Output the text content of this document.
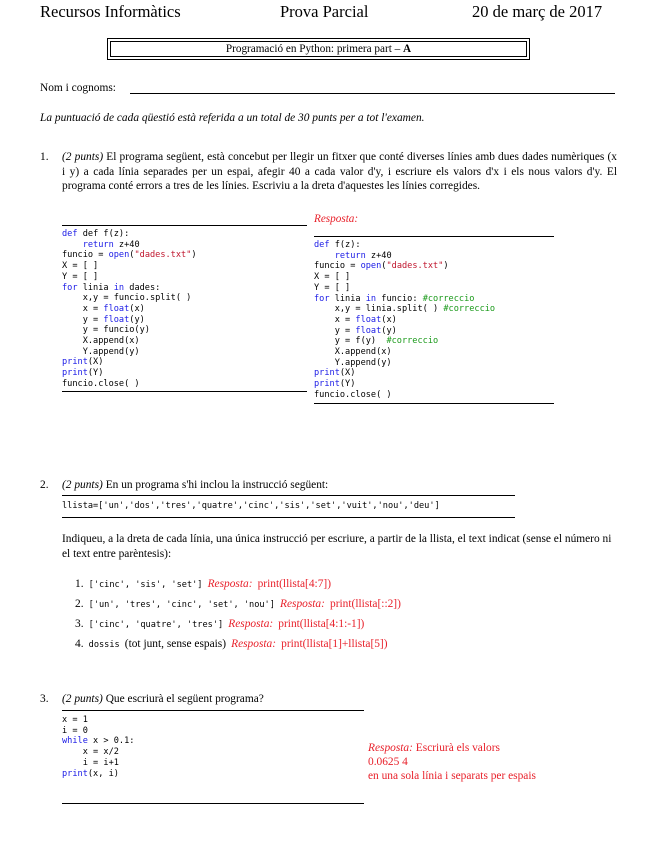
Recursos Informàtics	Prova Parcial	20 de març de 2017
Programació en Python: primera part – A
Nom i cognoms:
La puntuació de cada qüestió està referida a un total de 30 punts per a tot l'examen.
1. (2 punts) El programa següent, està concebut per llegir un fitxer que conté diverses línies amb dues dades numèriques (x i y) a cada línia separades per un espai, afegir 40 a cada valor d'y, i escriure els valors d'x i els nous valors d'y. El programa conté errors a tres de les línies. Escriviu a la dreta d'aquestes les línies corregides.
Resposta:
def def f(z):
return z+40
funcio = open("dades.txt")
X = [ ]
Y = [ ]
for linia in dades:
x,y = funcio.split( )
x = float(x)
y = float(y)
y = funcio(y)
X.append(x)
Y.append(y)
print(X)
print(Y)
funcio.close( )
def f(z):
return z+40
funcio = open("dades.txt")
X = [ ]
Y = [ ]
for linia in funcio: #correccio
x,y = linia.split( ) #correccio
x = float(x)
y = float(y)
y = f(y)  #correccio
X.append(x)
Y.append(y)
print(X)
print(Y)
funcio.close( )
2. (2 punts) En un programa s'hi inclou la instrucció següent:
llista=['un','dos','tres','quatre','cinc','sis','set','vuit','nou','deu']
Indiqueu, a la dreta de cada línia, una única instrucció per escriure, a partir de la llista, el text indicat (sense el número ni el text entre parèntesis):
1. ['cinc', 'sis', 'set'] Resposta: print(llista[4:7])
2. ['un', 'tres', 'cinc', 'set', 'nou'] Resposta: print(llista[::2])
3. ['cinc', 'quatre', 'tres'] Resposta: print(llista[4:1:-1])
4. dossis (tot junt, sense espais) Resposta: print(llista[1]+llista[5])
3. (2 punts) Que escriurà el següent programa?
x = 1
i = 0
while x > 0.1:
x = x/2
i = i+1
print(x, i)
Resposta: Escriurà els valors
0.0625 4
en una sola línia i separats per espais
